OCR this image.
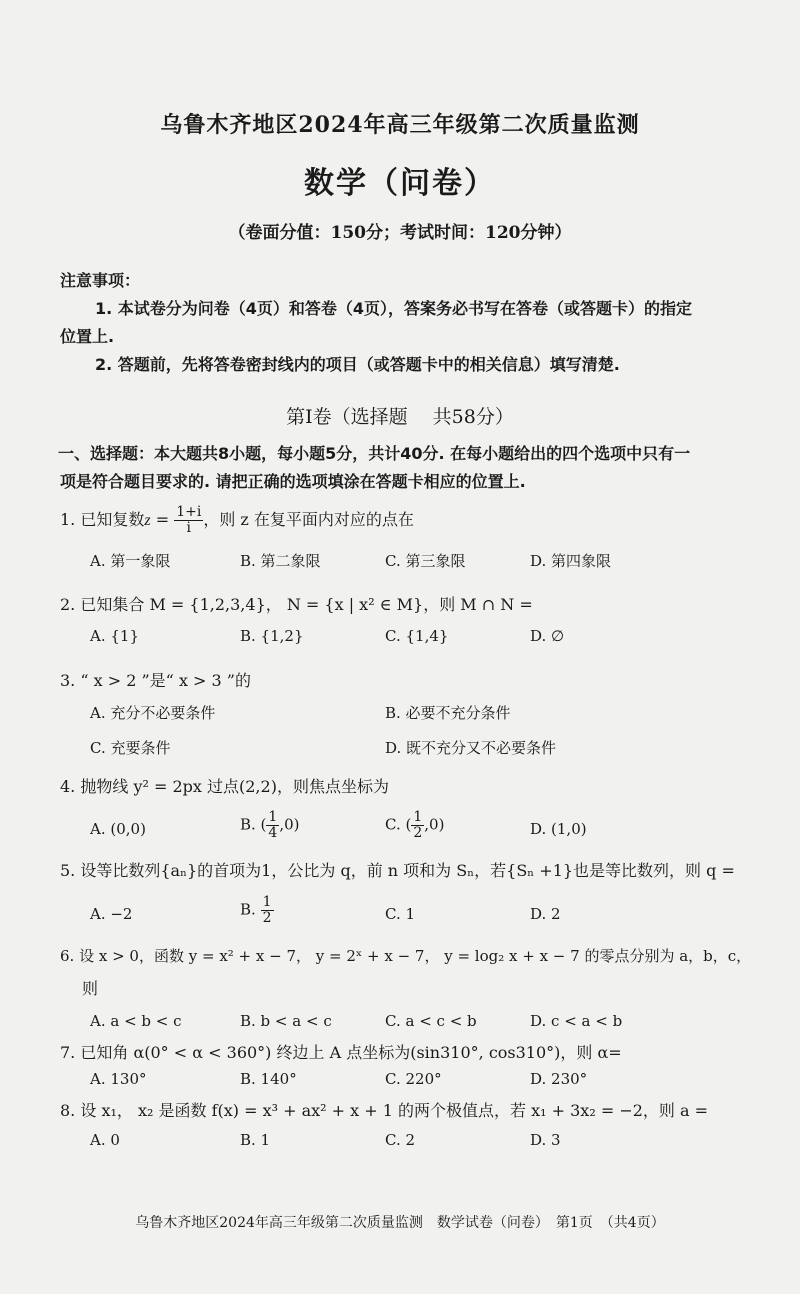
乌鲁木齐地区2024年高三年级第二次质量监测
数学（问卷）
（卷面分值：150分；考试时间：120分钟）
注意事项：
1. 本试卷分为问卷（4页）和答卷（4页），答案务必书写在答卷（或答题卡）的指定
位置上.
2. 答题前，先将答卷密封线内的项目（或答题卡中的相关信息）填写清楚.
第I卷（选择题　 共58分）
一、选择题：本大题共8小题，每小题5分，共计40分. 在每小题给出的四个选项中只有一
项是符合题目要求的. 请把正确的选项填涂在答题卡相应的位置上.
1. 已知复数$z = \frac{1+i}{i}$ ，则 z 在复平面内对应的点在
A. 第一象限	B. 第二象限	C. 第三象限	D. 第四象限
2. 已知集合 M = {1,2,3,4}， N = {x | x² ∈ M}，则 M ∩ N =
A. {1}	B. {1,2}	C. {1,4}	D. ∅
3. “ x > 2 ”是“ x > 3 ”的
A. 充分不必要条件	B. 必要不充分条件
C. 充要条件	D. 既不充分又不必要条件
4. 抛物线 y² = 2px 过点(2,2)，则焦点坐标为
A. (0,0)	B. ( $\frac{1}{4} ,0$)	C. ( $\frac{1}{2} ,0$)	D. (1,0)
5. 设等比数列{aₙ}的首项为1，公比为 q，前 n 项和为 Sₙ，若{Sₙ +1}也是等比数列，则 q =
A. −2	B. $\frac{1}{2}$	C. 1	D. 2
6. 设 x > 0，函数 y = x² + x − 7， y = 2ˣ + x − 7， y = log₂ x + x − 7 的零点分别为 a，b，c，
则
A. a < b < c	B. b < a < c	C. a < c < b	D. c < a < b
7. 已知角 α(0° < α < 360°) 终边上 A 点坐标为(sin310°, cos310°)，则 α=
A. 130°	B. 140°	C. 220°	D. 230°
8. 设 x₁， x₂ 是函数 f(x) = x³ + ax² + x + 1 的两个极值点，若 x₁ + 3x₂ = −2，则 a =
A. 0	B. 1	C. 2	D. 3
乌鲁木齐地区2024年高三年级第二次质量监测　数学试卷（问卷）　第1页　（共4页）
